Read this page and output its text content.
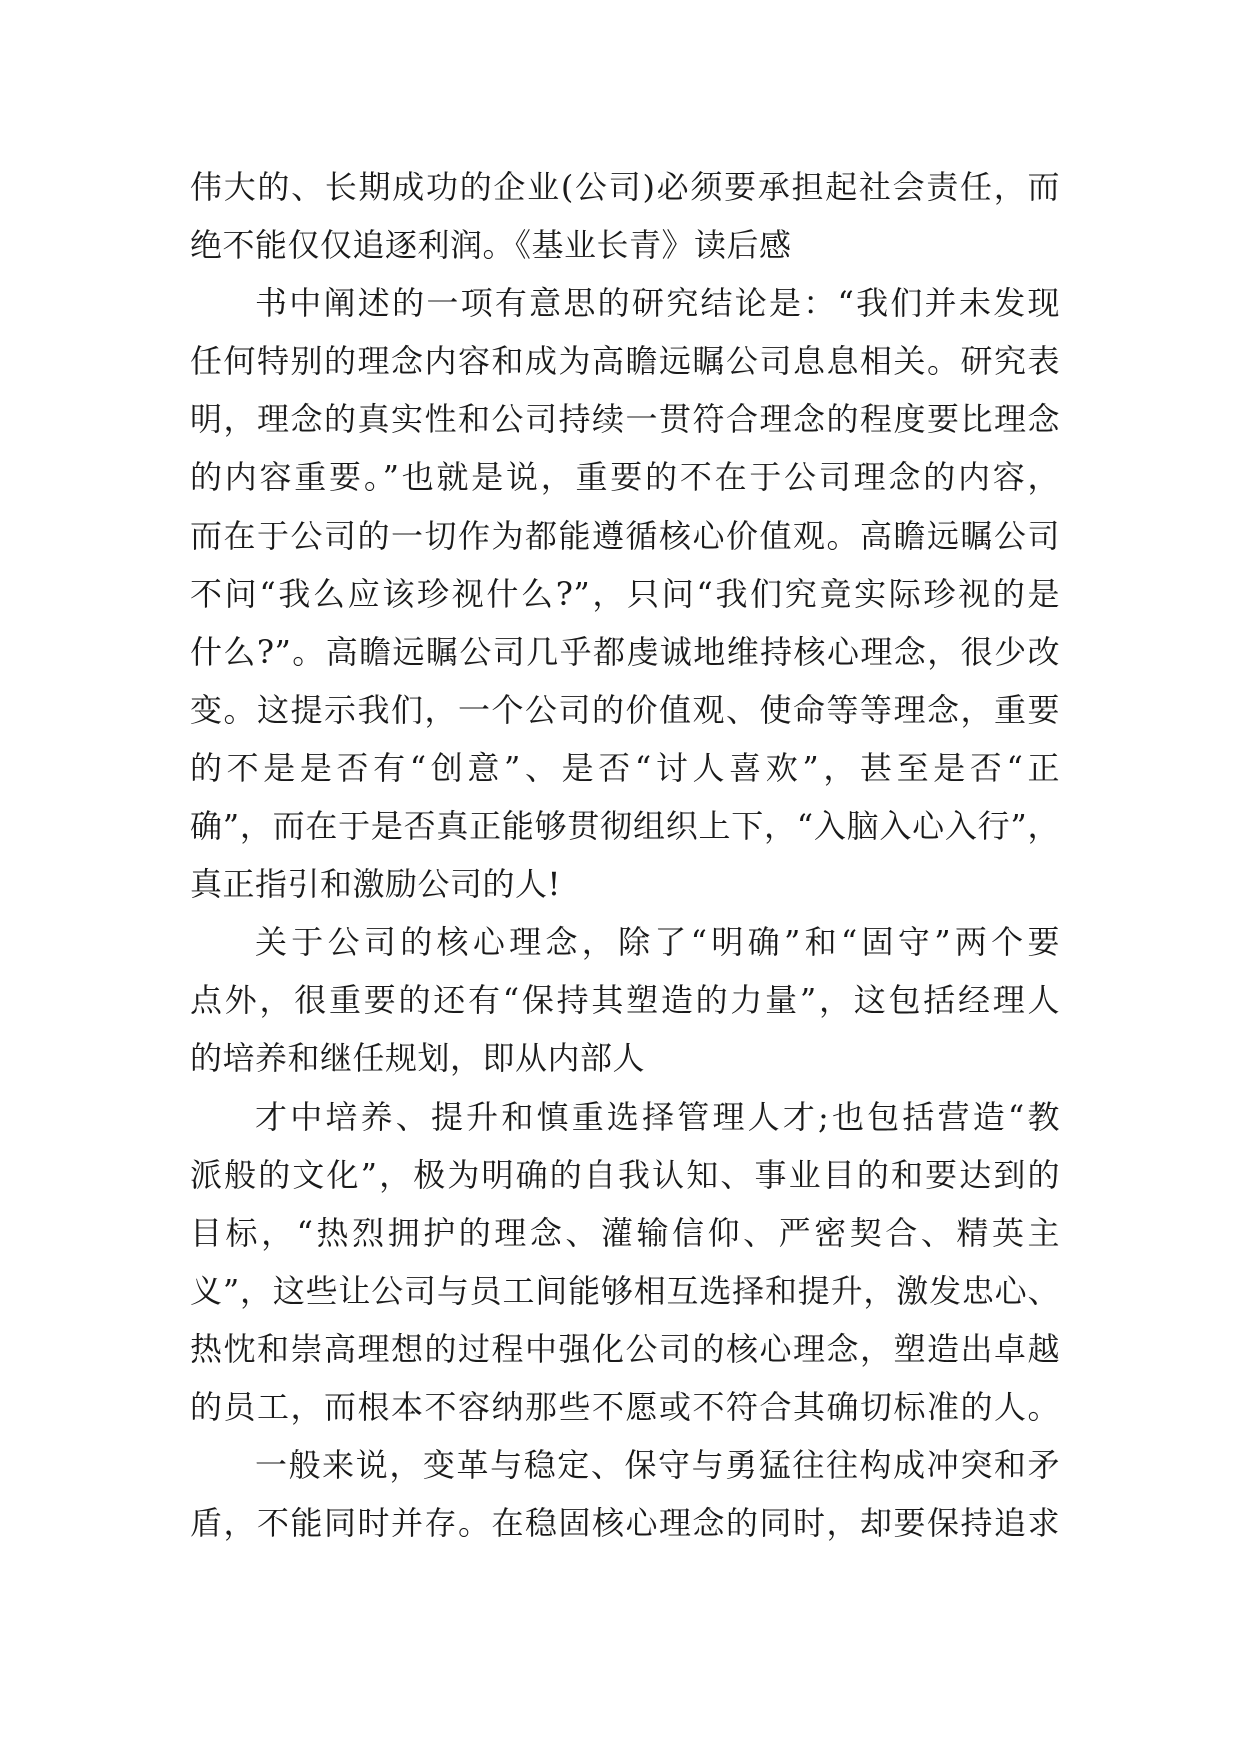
伟大的、长期成功的企业(公司)必须要承担起社会责任，而
绝不能仅仅追逐利润。《基业长青》读后感
书中阐述的一项有意思的研究结论是：“我们并未发现
任何特别的理念内容和成为高瞻远瞩公司息息相关。研究表
明，理念的真实性和公司持续一贯符合理念的程度要比理念
的内容重要。”也就是说，重要的不在于公司理念的内容，
而在于公司的一切作为都能遵循核心价值观。高瞻远瞩公司
不问“我么应该珍视什么?”，只问“我们究竟实际珍视的是
什么?”。高瞻远瞩公司几乎都虔诚地维持核心理念，很少改
变。这提示我们，一个公司的价值观、使命等等理念，重要
的不是是否有“创意”、是否“讨人喜欢”，甚至是否“正
确”，而在于是否真正能够贯彻组织上下，“入脑入心入行”，
真正指引和激励公司的人!
关于公司的核心理念，除了“明确”和“固守”两个要
点外，很重要的还有“保持其塑造的力量”，这包括经理人
的培养和继任规划，即从内部人
才中培养、提升和慎重选择管理人才;也包括营造“教
派般的文化”，极为明确的自我认知、事业目的和要达到的
目标，“热烈拥护的理念、灌输信仰、严密契合、精英主
义”，这些让公司与员工间能够相互选择和提升，激发忠心、
热忱和崇高理想的过程中强化公司的核心理念，塑造出卓越
的员工，而根本不容纳那些不愿或不符合其确切标准的人。
一般来说，变革与稳定、保守与勇猛往往构成冲突和矛
盾，不能同时并存。在稳固核心理念的同时，却要保持追求
